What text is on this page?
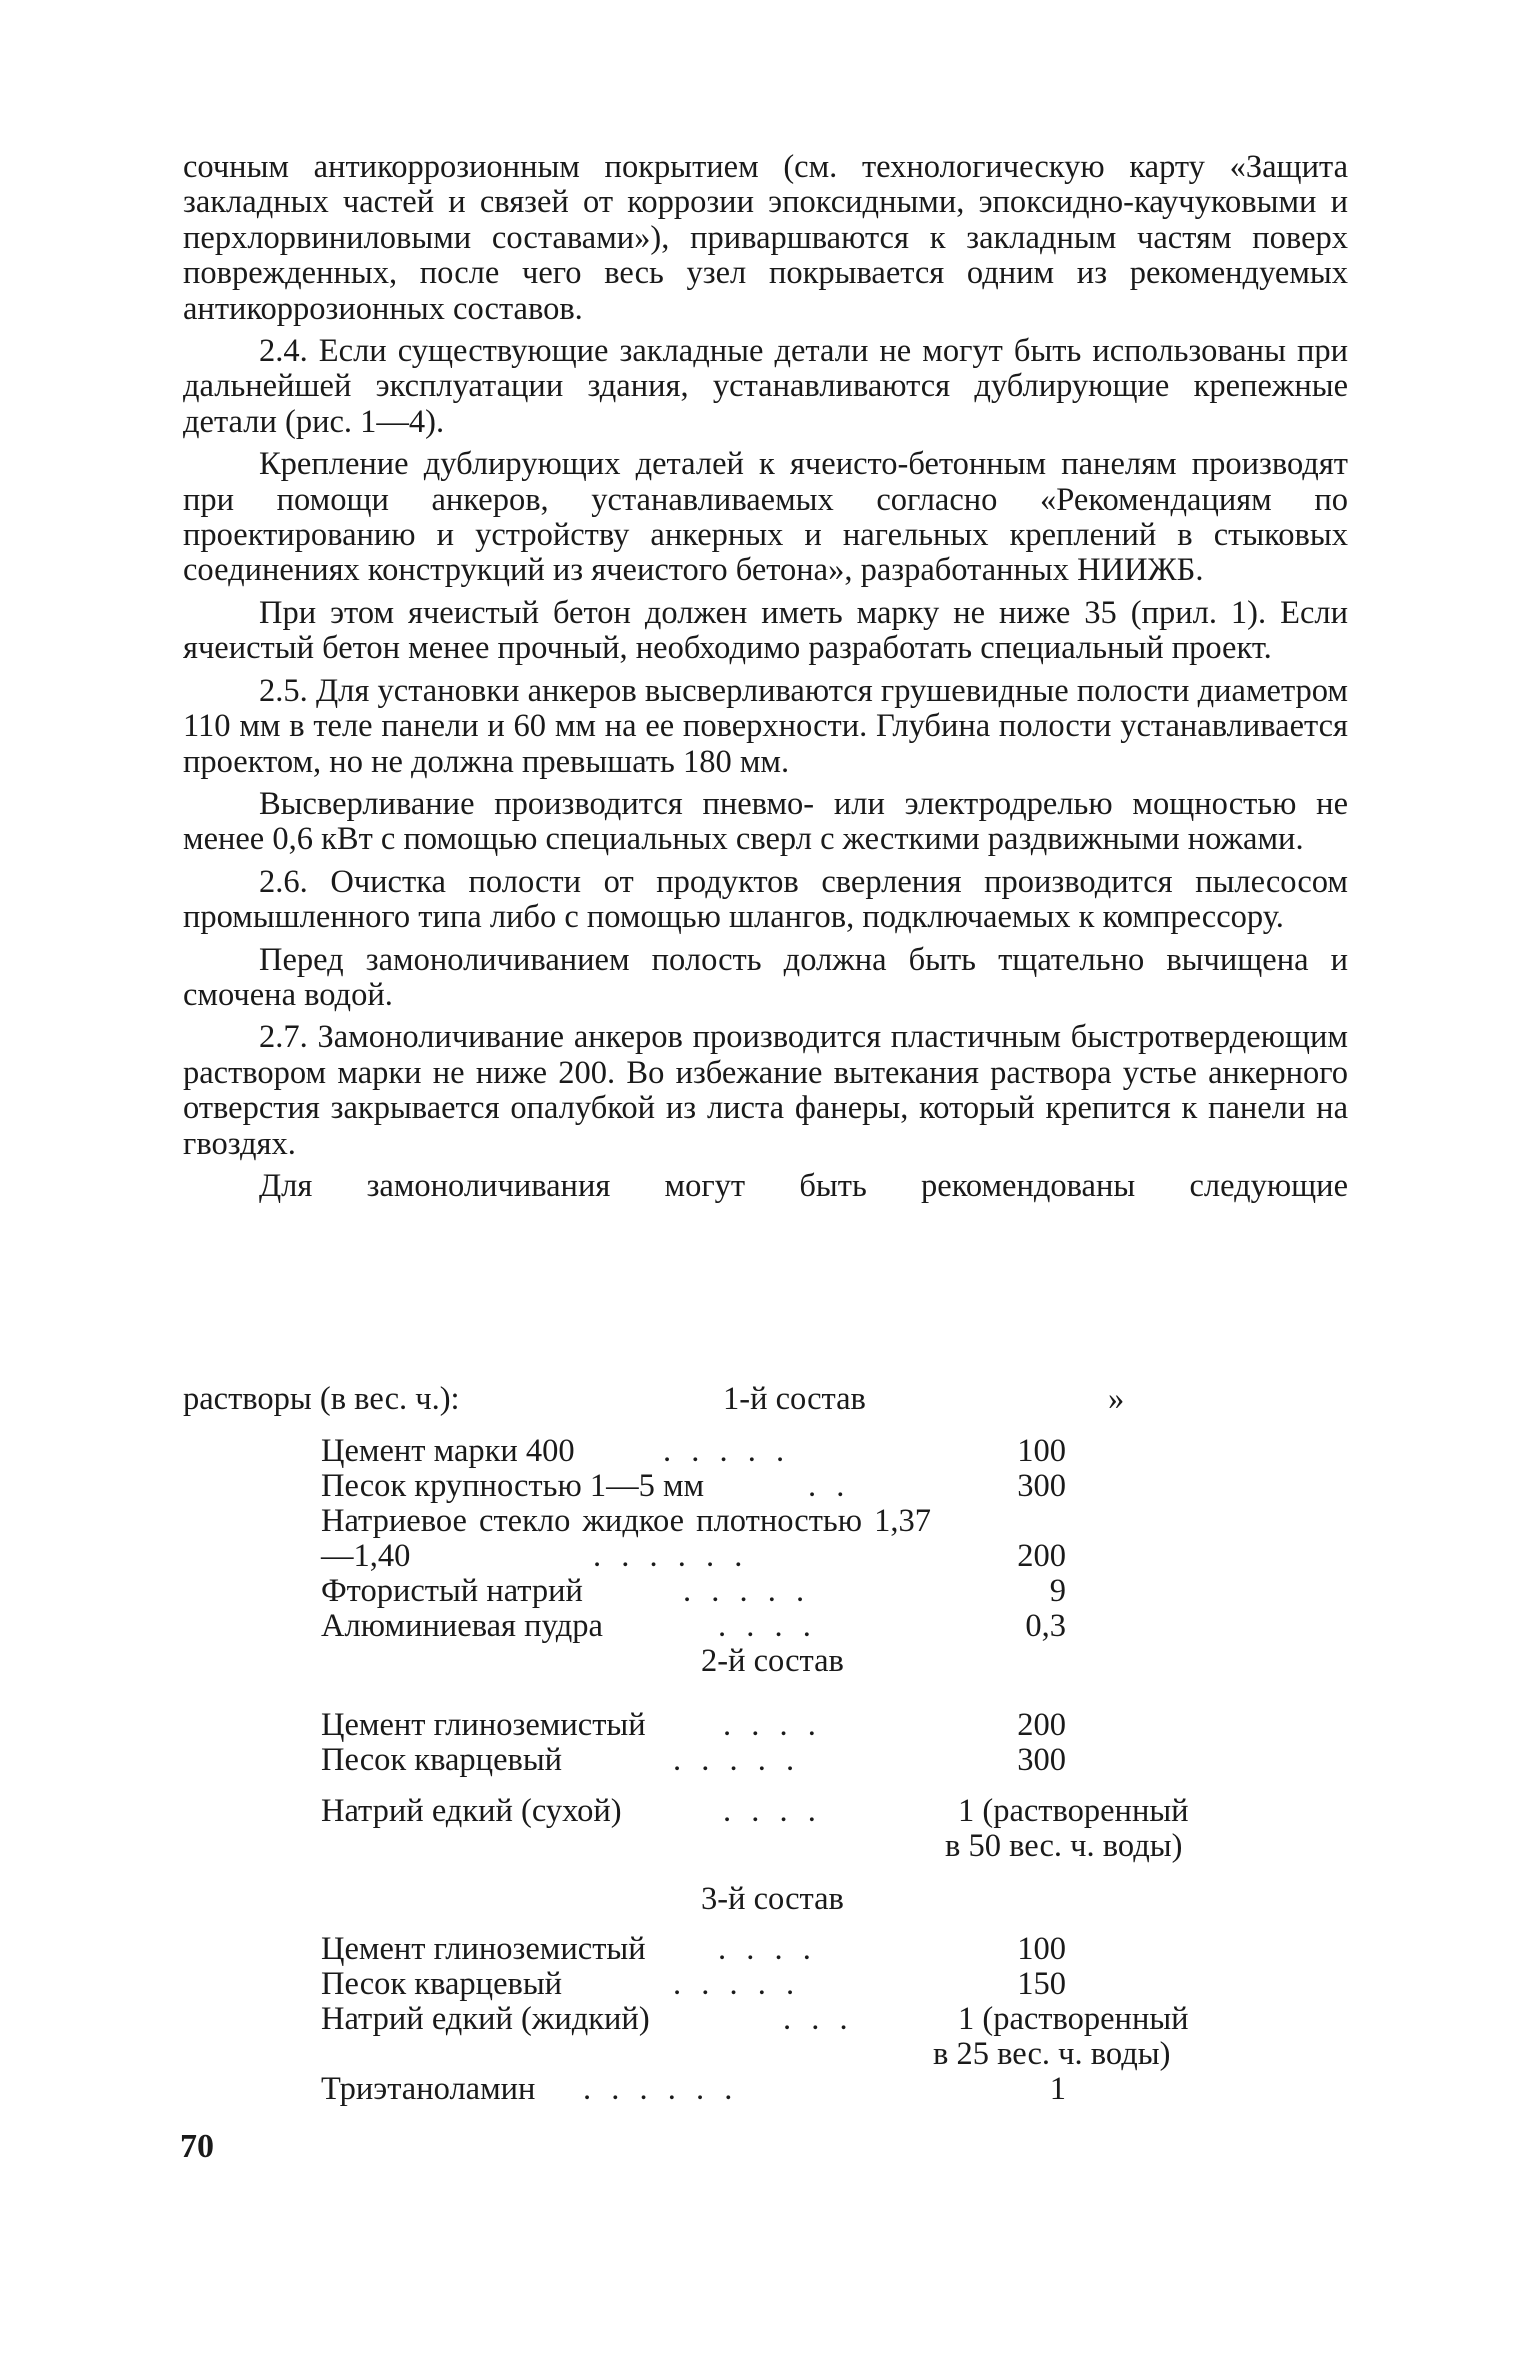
сочным антикоррозионным покрытием (см. технологическую карту «Защита закладных частей и связей от коррозии эпоксидными, эпоксидно-каучуковыми и перхлорвиниловыми составами»), приваршваются к закладным частям поверх поврежденных, после чего весь узел покрывается одним из рекомендуемых антикоррозионных составов.

2.4. Если существующие закладные детали не могут быть использованы при дальнейшей эксплуатации здания, устанавливаются дублирующие крепежные детали (рис. 1—4).

Крепление дублирующих деталей к ячеисто-бетонным панелям производят при помощи анкеров, устанавливаемых согласно «Рекомендациям по проектированию и устройству анкерных и нагельных креплений в стыковых соединениях конструкций из ячеистого бетона», разработанных НИИЖБ.

При этом ячеистый бетон должен иметь марку не ниже 35 (прил. 1). Если ячеистый бетон менее прочный, необходимо разработать специальный проект.

2.5. Для установки анкеров высверливаются грушевидные полости диаметром 110 мм в теле панели и 60 мм на ее поверхности. Глубина полости устанавливается проектом, но не должна превышать 180 мм.

Высверливание производится пневмо- или электродрелью мощностью не менее 0,6 кВт с помощью специальных сверл с жесткими раздвижными ножами.

2.6. Очистка полости от продуктов сверления производится пылесосом промышленного типа либо с помощью шлангов, подключаемых к компрессору.

Перед замоноличиванием полость должна быть тщательно вычищена и смочена водой.

2.7. Замоноличивание анкеров производится пластичным быстротвердеющим раствором марки не ниже 200. Во избежание вытекания раствора устье анкерного отверстия закрывается опалубкой из листа фанеры, который крепится к панели на гвоздях.

Для замоноличивания могут быть рекомендованы следующие

растворы (в вес. ч.):	1-й состав	»
Цемент марки 400	. . . . .	100
Песок крупностью 1—5 мм	. .	300
Натриевое стекло жидкое плотностью 1,37—1,40	. . . . . .	200
Фтористый натрий	. . . . .	9
Алюминиевая пудра	. . . .	0,3
2-й состав
Цемент глиноземистый . . . .	200
Песок кварцевый	. . . . .	300
Натрий едкий (сухой)	. . . .	1 (растворенный
в 50 вес. ч. воды)
3-й состав
Цемент глиноземистый . . . .	100
Песок кварцевый	. . . . .	150
Натрий едкий (жидкий)	. . .	1 (растворенный
в 25 вес. ч. воды)
Триэтаноламин . . . . . .	1
70
